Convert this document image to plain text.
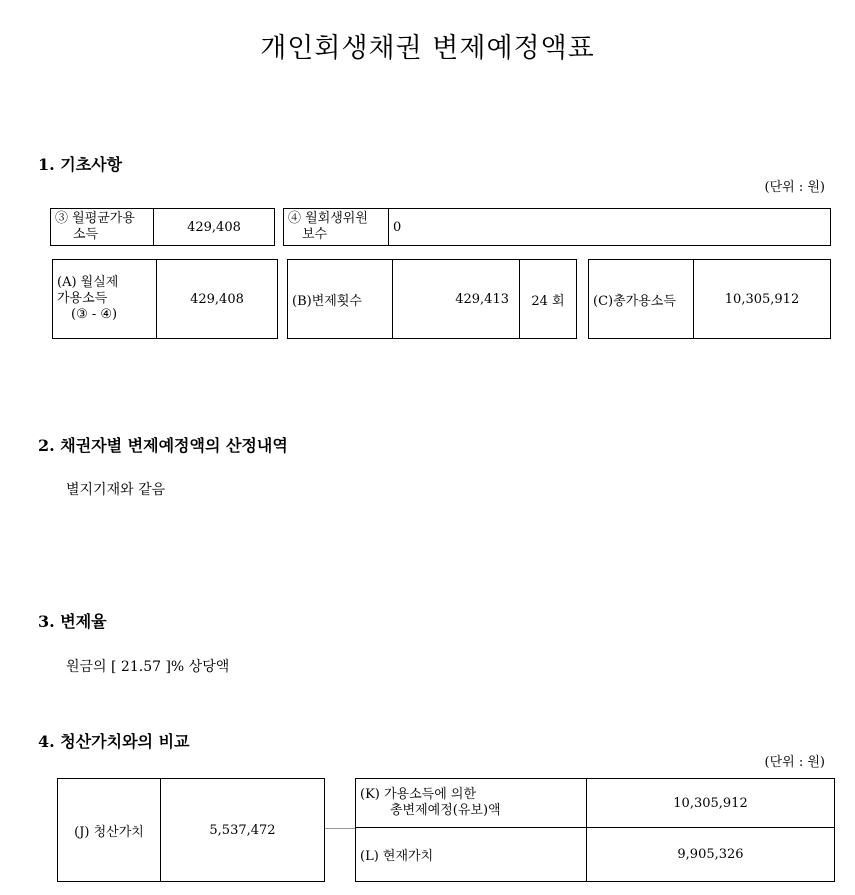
개인회생채권 변제예정액표
1. 기초사항
(단위 : 원)
③ 월평균가용
소득	429,408
④ 월회생위원
보수	0
(A) 월실제
가용소득
(③ - ④)
	429,408	(B)변제횟수	429,413	24 회 (C)총가용소득	10,305,912
2. 채권자별 변제예정액의 산정내역
별지기재와 같음
3. 변제율
원금의 [ 21.57 ]% 상당액
4. 청산가치와의 비교
(단위 : 원)
(J) 청산가치	5,537,472
(K) 가용소득에 의한
총변제예정(유보)액	10,305,912
(L) 현재가치	9,905,326
